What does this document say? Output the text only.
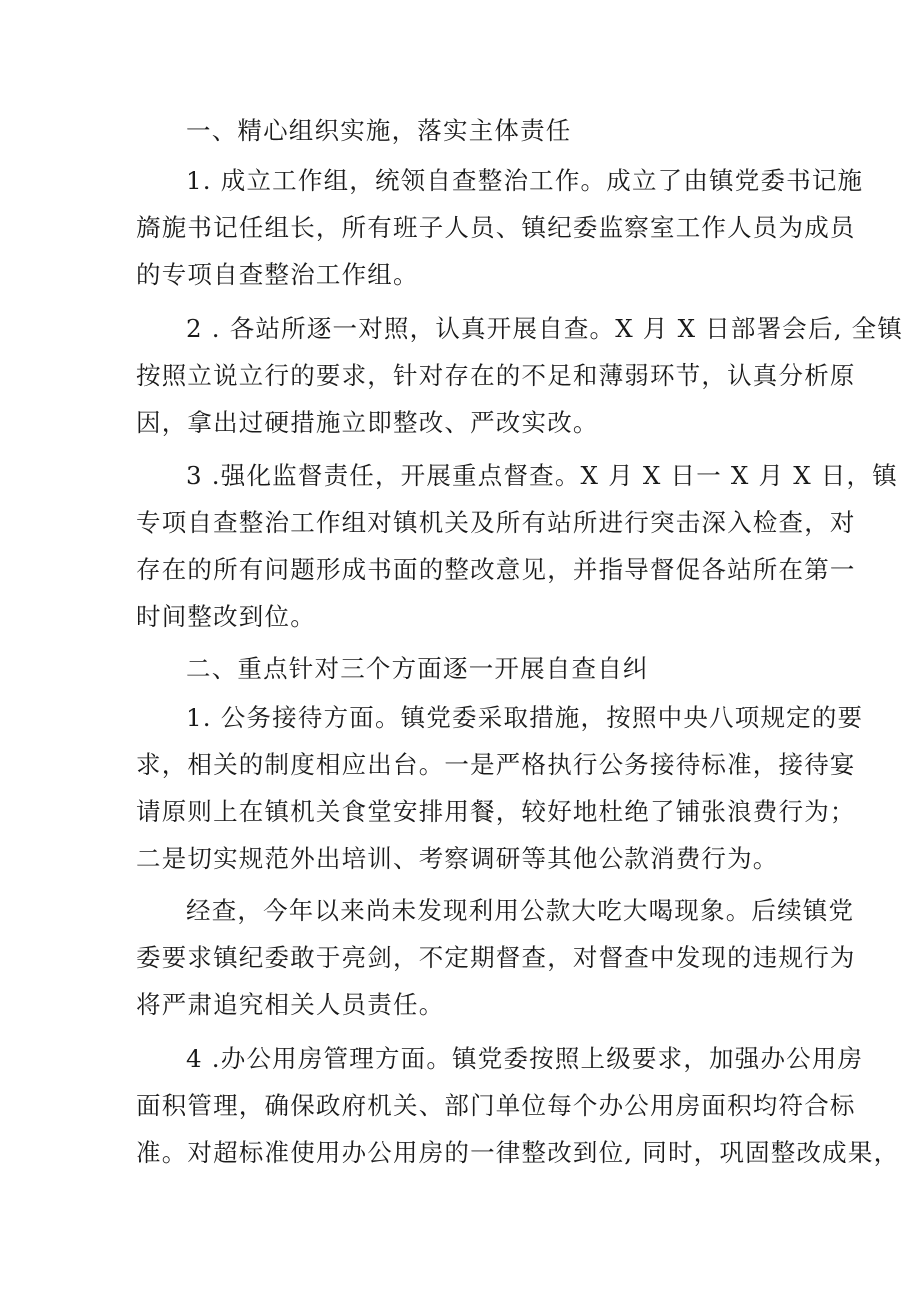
一、精心组织实施，落实主体责任
1. 成立工作组，统领自查整治工作。成立了由镇党委书记施
旖旎书记任组长，所有班子人员、镇纪委监察室工作人员为成员
的专项自查整治工作组。
2 . 各站所逐一对照，认真开展自查。X 月 X 日部署会后, 全镇
按照立说立行的要求，针对存在的不足和薄弱环节，认真分析原
因，拿出过硬措施立即整改、严改实改。
3 .强化监督责任，开展重点督查。X 月 X 日一 X 月 X 日，镇
专项自查整治工作组对镇机关及所有站所进行突击深入检查，对
存在的所有问题形成书面的整改意见，并指导督促各站所在第一
时间整改到位。
二、重点针对三个方面逐一开展自查自纠
1. 公务接待方面。镇党委采取措施，按照中央八项规定的要
求，相关的制度相应出台。一是严格执行公务接待标准，接待宴
请原则上在镇机关食堂安排用餐，较好地杜绝了铺张浪费行为；
二是切实规范外出培训、考察调研等其他公款消费行为。
经查，今年以来尚未发现利用公款大吃大喝现象。后续镇党
委要求镇纪委敢于亮剑，不定期督查，对督查中发现的违规行为
将严肃追究相关人员责任。
4 .办公用房管理方面。镇党委按照上级要求，加强办公用房
面积管理，确保政府机关、部门单位每个办公用房面积均符合标
准。对超标准使用办公用房的一律整改到位, 同时，巩固整改成果，
